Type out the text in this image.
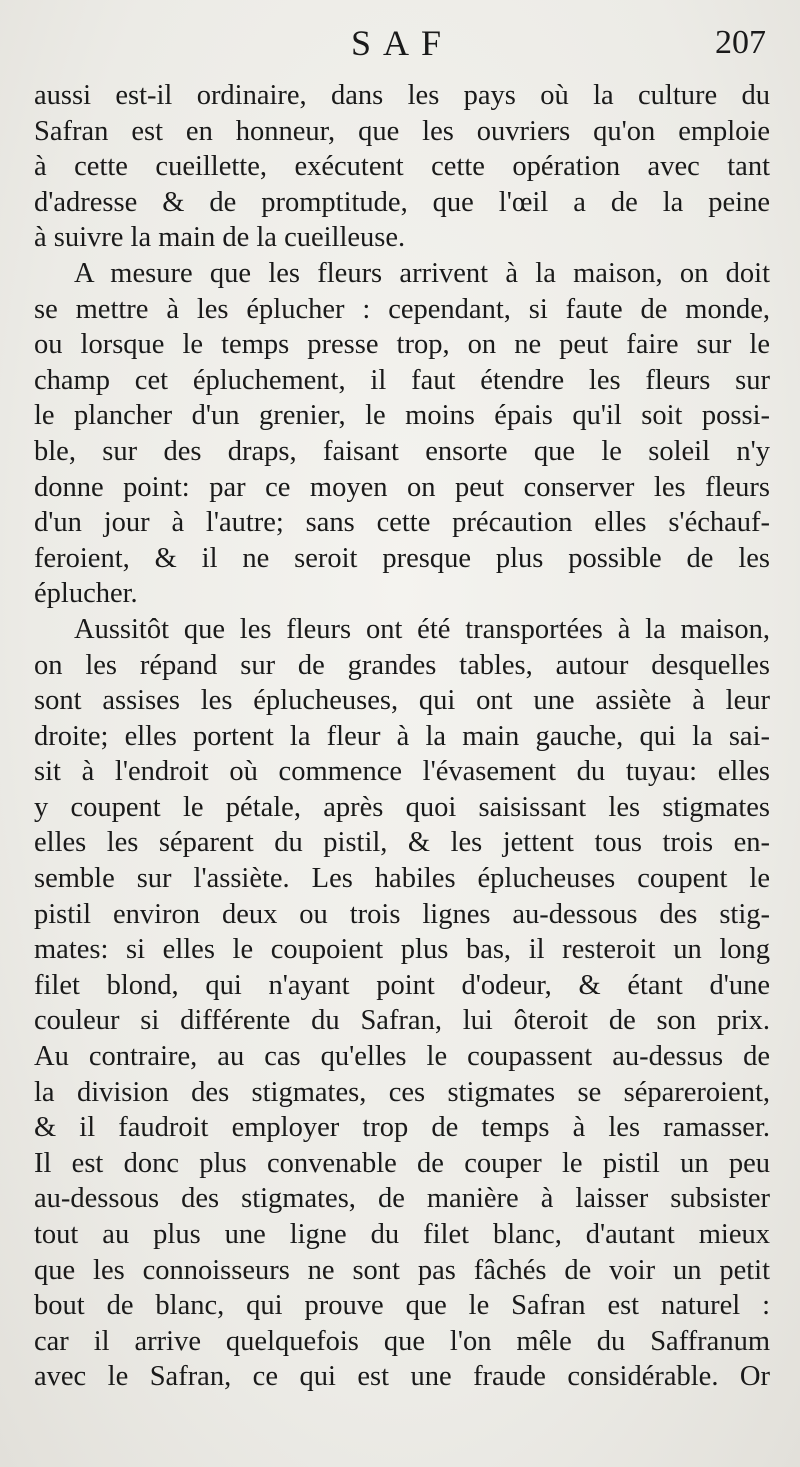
SAF	207
aussi est-il ordinaire, dans les pays où la culture du
Safran est en honneur, que les ouvriers qu'on emploie
à cette cueillette, exécutent cette opération avec tant
d'adresse & de promptitude, que l'œil a de la peine
à suivre la main de la cueilleuse.
A mesure que les fleurs arrivent à la maison, on doit
se mettre à les éplucher : cependant, si faute de monde,
ou lorsque le temps presse trop, on ne peut faire sur le
champ cet épluchement, il faut étendre les fleurs sur
le plancher d'un grenier, le moins épais qu'il soit possi-
ble, sur des draps, faisant ensorte que le soleil n'y
donne point: par ce moyen on peut conserver les fleurs
d'un jour à l'autre; sans cette précaution elles s'échauf-
feroient, & il ne seroit presque plus possible de les
éplucher.
Aussitôt que les fleurs ont été transportées à la maison,
on les répand sur de grandes tables, autour desquelles
sont assises les éplucheuses, qui ont une assiète à leur
droite; elles portent la fleur à la main gauche, qui la sai-
sit à l'endroit où commence l'évasement du tuyau: elles
y coupent le pétale, après quoi saisissant les stigmates
elles les séparent du pistil, & les jettent tous trois en-
semble sur l'assiète. Les habiles éplucheuses coupent le
pistil environ deux ou trois lignes au-dessous des stig-
mates: si elles le coupoient plus bas, il resteroit un long
filet blond, qui n'ayant point d'odeur, & étant d'une
couleur si différente du Safran, lui ôteroit de son prix.
Au contraire, au cas qu'elles le coupassent au-dessus de
la division des stigmates, ces stigmates se sépareroient,
& il faudroit employer trop de temps à les ramasser.
Il est donc plus convenable de couper le pistil un peu
au-dessous des stigmates, de manière à laisser subsister
tout au plus une ligne du filet blanc, d'autant mieux
que les connoisseurs ne sont pas fâchés de voir un petit
bout de blanc, qui prouve que le Safran est naturel :
car il arrive quelquefois que l'on mêle du Saffranum
avec le Safran, ce qui est une fraude considérable. Or
